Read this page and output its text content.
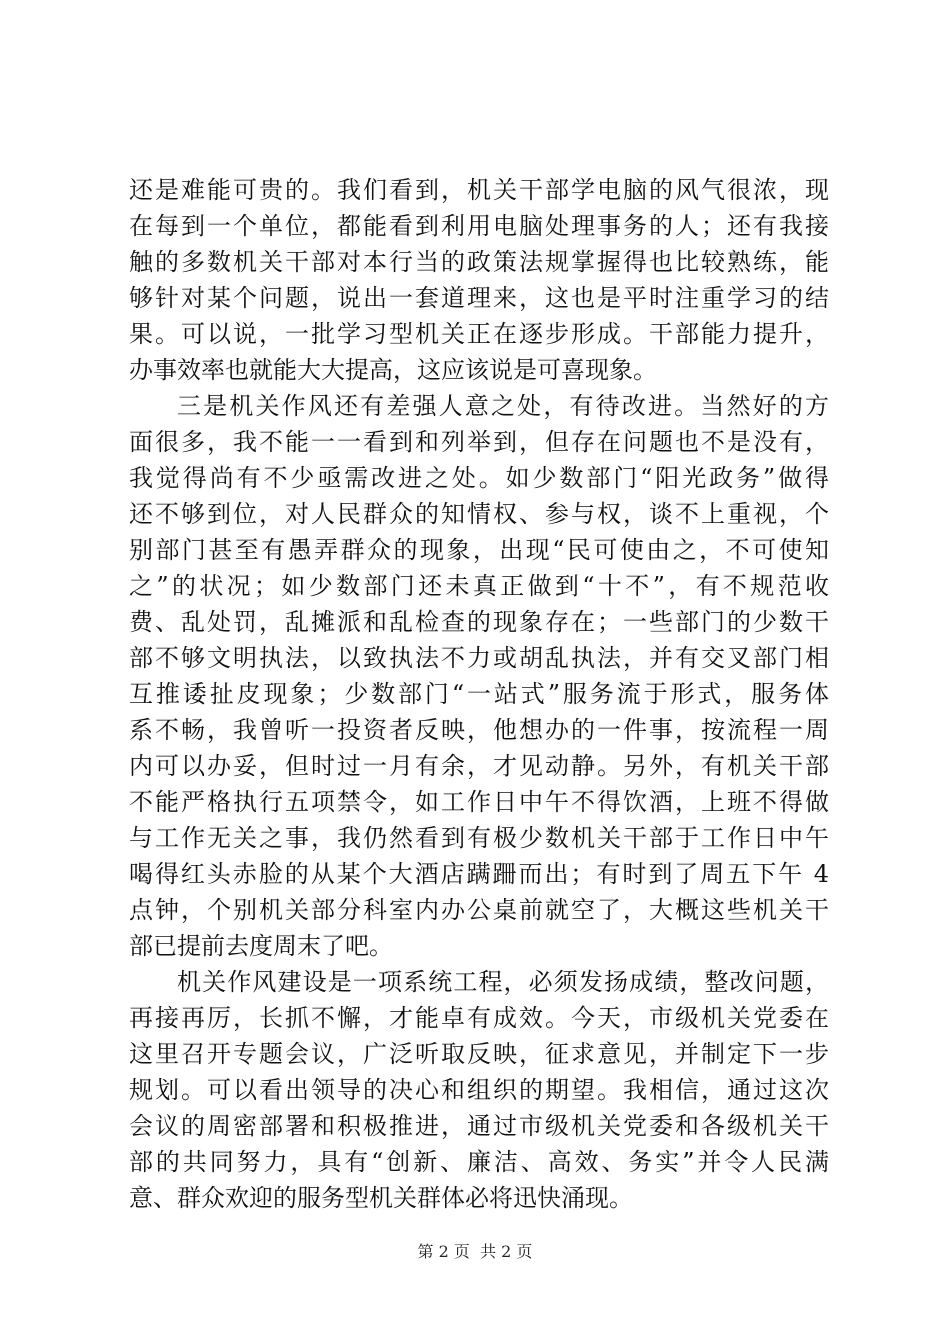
还是难能可贵的。我们看到，机关干部学电脑的风气很浓，现
在每到一个单位，都能看到利用电脑处理事务的人；还有我接
触的多数机关干部对本行当的政策法规掌握得也比较熟练，能
够针对某个问题，说出一套道理来，这也是平时注重学习的结
果。可以说，一批学习型机关正在逐步形成。干部能力提升，
办事效率也就能大大提高，这应该说是可喜现象。
三是机关作风还有差强人意之处，有待改进。当然好的方
面很多，我不能一一看到和列举到，但存在问题也不是没有，
我觉得尚有不少亟需改进之处。如少数部门“阳光政务”做得
还不够到位，对人民群众的知情权、参与权，谈不上重视，个
别部门甚至有愚弄群众的现象，出现“民可使由之，不可使知
之”的状况；如少数部门还未真正做到“十不”，有不规范收
费、乱处罚，乱摊派和乱检查的现象存在；一些部门的少数干
部不够文明执法，以致执法不力或胡乱执法，并有交叉部门相
互推诿扯皮现象；少数部门“一站式”服务流于形式，服务体
系不畅，我曾听一投资者反映，他想办的一件事，按流程一周
内可以办妥，但时过一月有余，才见动静。另外，有机关干部
不能严格执行五项禁令，如工作日中午不得饮酒，上班不得做
与工作无关之事，我仍然看到有极少数机关干部于工作日中午
喝得红头赤脸的从某个大酒店蹒跚而出；有时到了周五下午 4
点钟，个别机关部分科室内办公桌前就空了，大概这些机关干
部已提前去度周末了吧。
机关作风建设是一项系统工程，必须发扬成绩，整改问题，
再接再厉，长抓不懈，才能卓有成效。今天，市级机关党委在
这里召开专题会议，广泛听取反映，征求意见，并制定下一步
规划。可以看出领导的决心和组织的期望。我相信，通过这次
会议的周密部署和积极推进，通过市级机关党委和各级机关干
部的共同努力，具有“创新、廉洁、高效、务实”并令人民满
意、群众欢迎的服务型机关群体必将迅快涌现。
第 2 页  共 2 页
